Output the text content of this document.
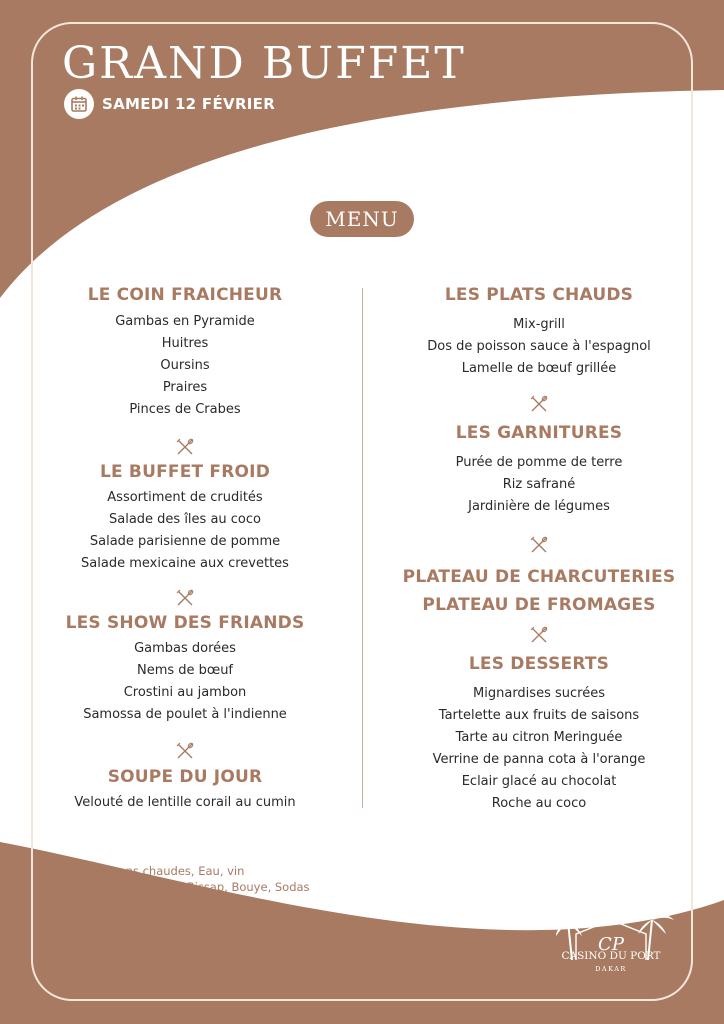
GRAND BUFFET
SAMEDI 12 FÉVRIER
MENU
LE COIN FRAICHEUR
Gambas en Pyramide
Huitres
Oursins
Praires
Pinces de Crabes
LE BUFFET FROID
Assortiment de crudités
Salade des îles au coco
Salade parisienne de pomme
Salade mexicaine aux crevettes
LES SHOW DES FRIANDS
Gambas dorées
Nems de bœuf
Crostini au jambon
Samossa de poulet à l'indienne
SOUPE DU JOUR
Velouté de lentille corail au cumin
LES PLATS CHAUDS
Mix-grill
Dos de poisson sauce à l'espagnol
Lamelle de bœuf grillée
LES GARNITURES
Purée de pomme de terre
Riz safrané
Jardinière de légumes
PLATEAU DE CHARCUTERIES
PLATEAU DE FROMAGES
LES DESSERTS
Mignardises sucrées
Tartelette aux fruits de saisons
Tarte au citron Meringuée
Verrine de panna cota à l'orange
Eclair glacé au chocolat
Roche au coco
Inclus: Boissons chaudes, Eau, vin
Jus locaux: Gingembre, Bissap, Bouye, Sodas
18 500 fcfa / PERS
CP
CASINO DU PORT
DAKAR
